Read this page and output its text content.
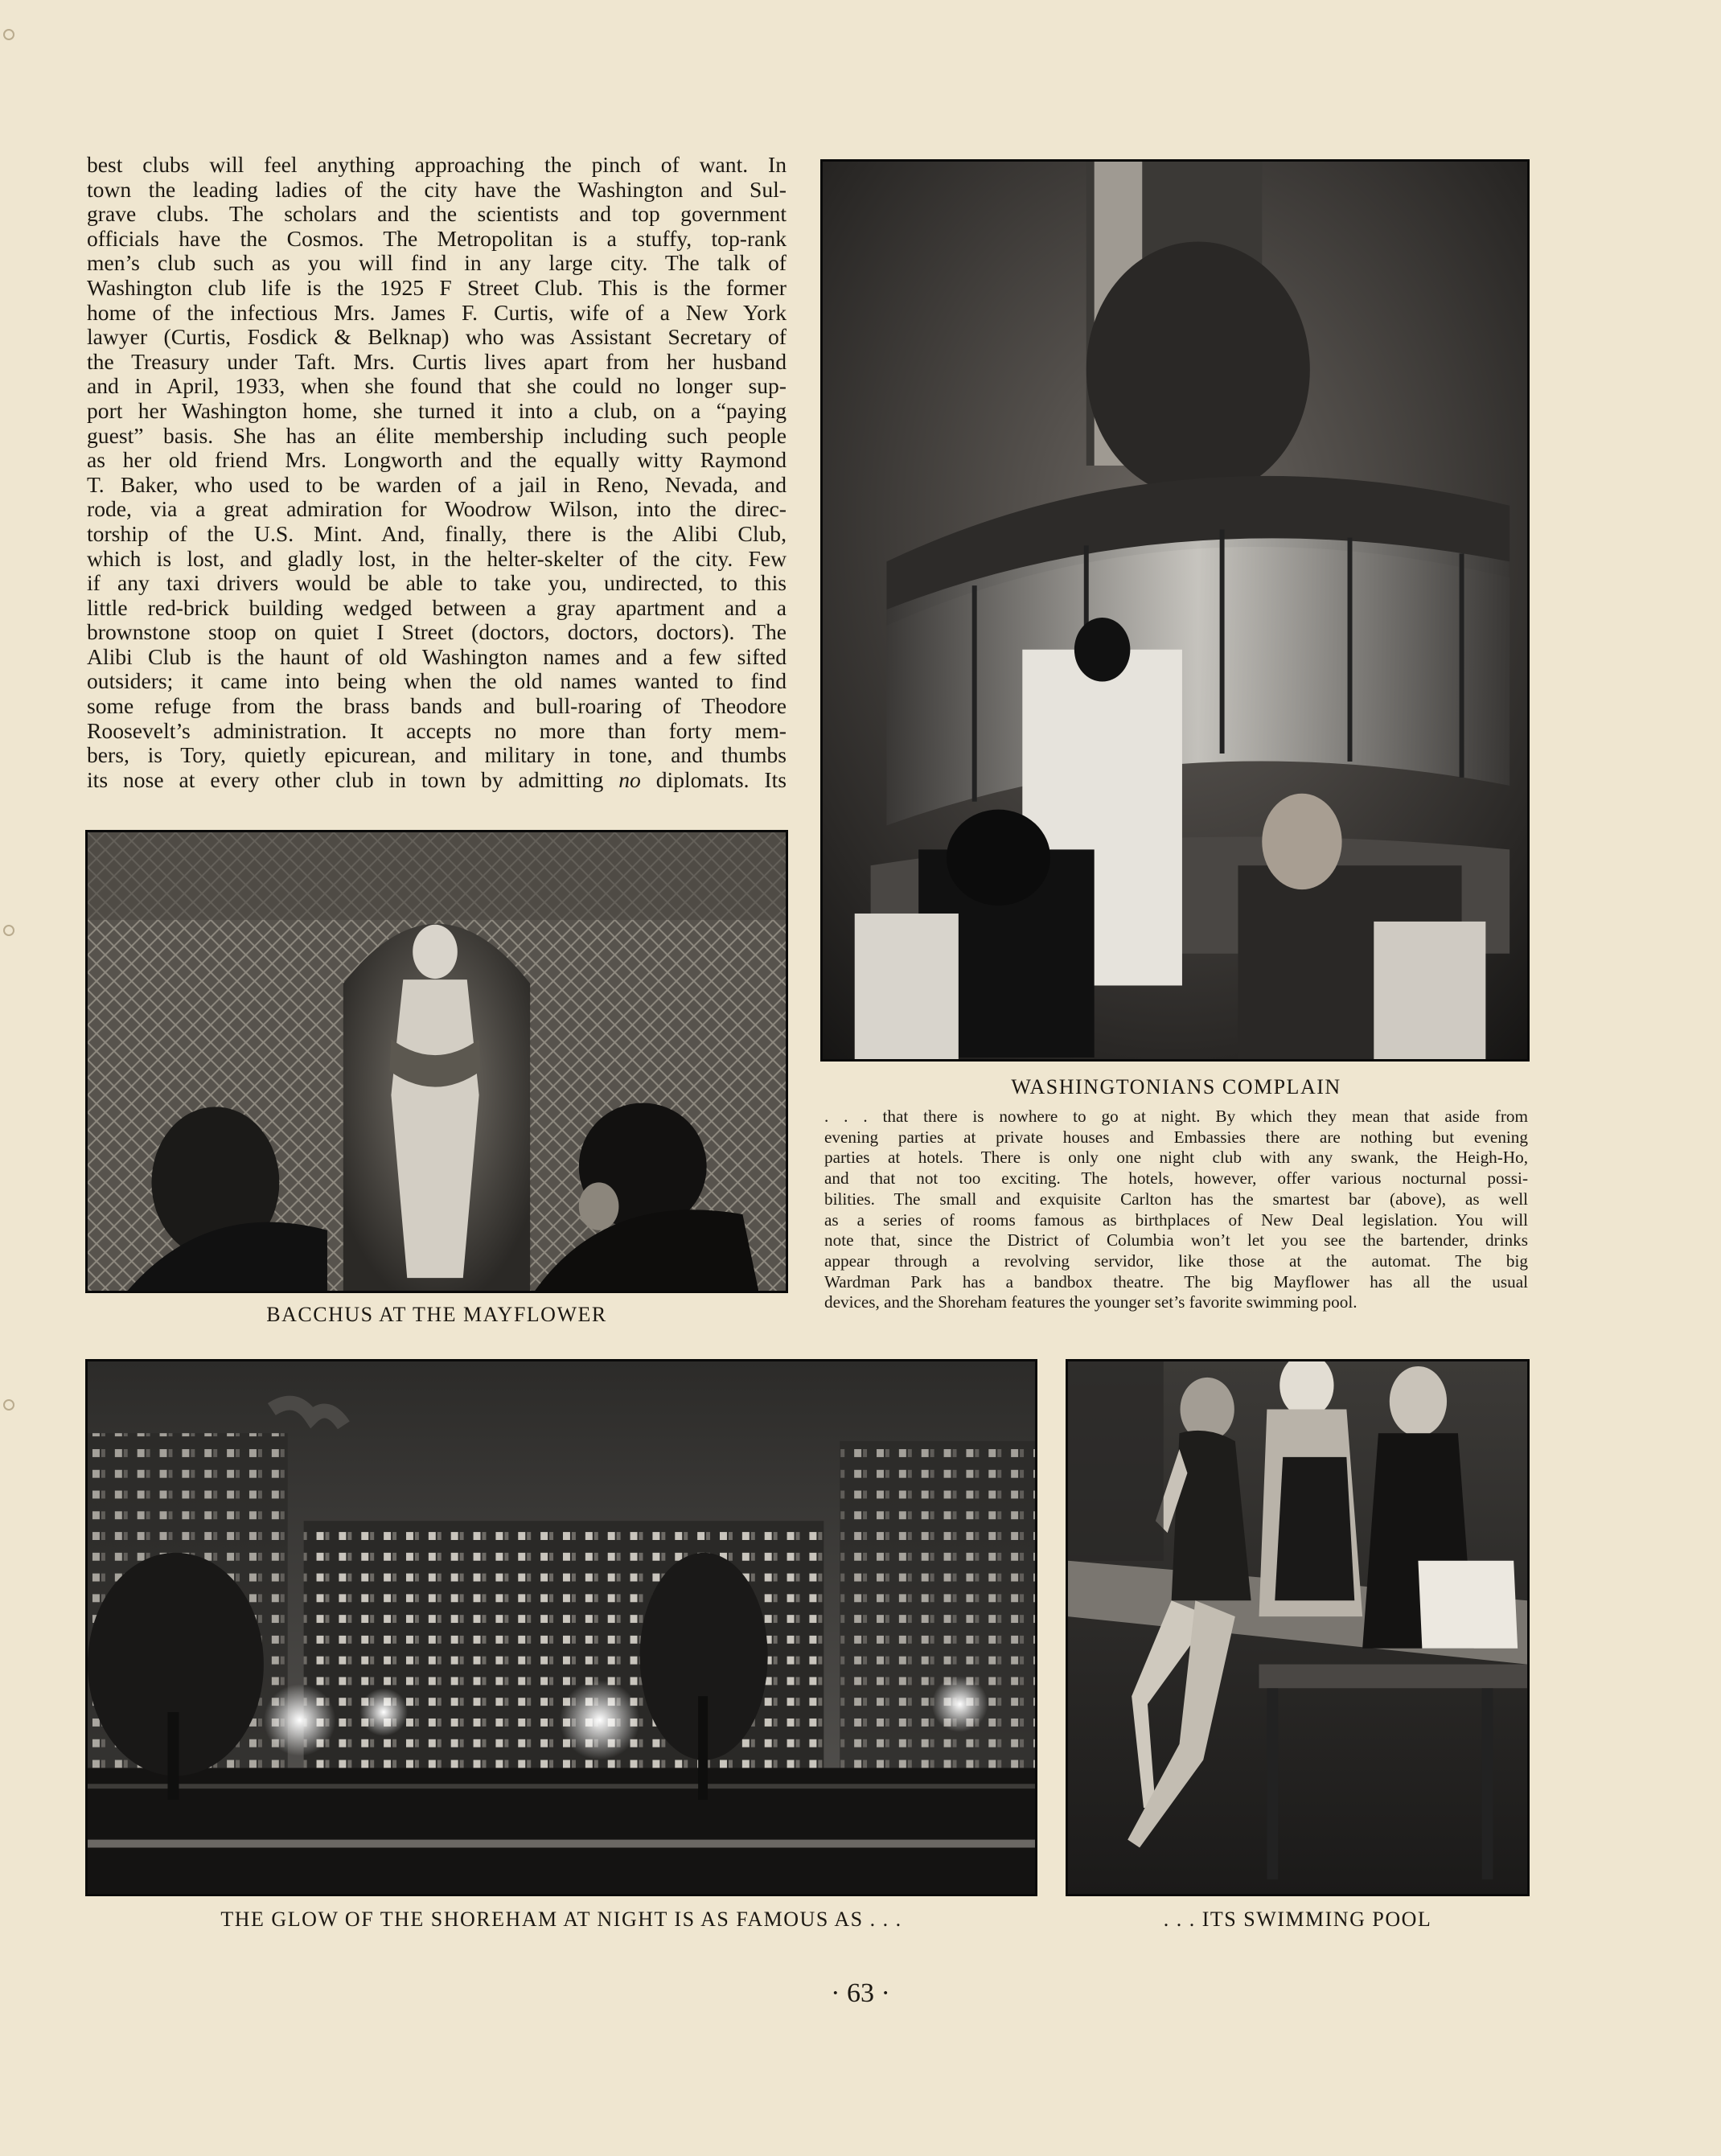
best clubs will feel anything approaching the pinch of want. In

town the leading ladies of the city have the Washington and Sul-

grave clubs. The scholars and the scientists and top government

officials have the Cosmos. The Metropolitan is a stuffy, top-rank

men’s club such as you will find in any large city. The talk of

Washington club life is the 1925 F Street Club. This is the former

home of the infectious Mrs. James F. Curtis, wife of a New York

lawyer (Curtis, Fosdick & Belknap) who was Assistant Secretary of

the Treasury under Taft. Mrs. Curtis lives apart from her husband

and in April, 1933, when she found that she could no longer sup-

port her Washington home, she turned it into a club, on a “paying

guest” basis. She has an élite membership including such people

as her old friend Mrs. Longworth and the equally witty Raymond

T. Baker, who used to be warden of a jail in Reno, Nevada, and

rode, via a great admiration for Woodrow Wilson, into the direc-

torship of the U.S. Mint. And, finally, there is the Alibi Club,

which is lost, and gladly lost, in the helter-skelter of the city. Few

if any taxi drivers would be able to take you, undirected, to this

little red-brick building wedged between a gray apartment and a

brownstone stoop on quiet I Street (doctors, doctors, doctors). The

Alibi Club is the haunt of old Washington names and a few sifted

outsiders; it came into being when the old names wanted to find

some refuge from the brass bands and bull-roaring of Theodore

Roosevelt’s administration. It accepts no more than forty mem-

bers, is Tory, quietly epicurean, and military in tone, and thumbs

its nose at every other club in town by admitting no diplomats. Its

WASHINGTONIANS COMPLAIN

. . . that there is nowhere to go at night. By which they mean that aside from

evening parties at private houses and Embassies there are nothing but evening

parties at hotels. There is only one night club with any swank, the Heigh-Ho,

and that not too exciting. The hotels, however, offer various nocturnal possi-

bilities. The small and exquisite Carlton has the smartest bar (above), as well

as a series of rooms famous as birthplaces of New Deal legislation. You will

note that, since the District of Columbia won’t let you see the bartender, drinks

appear through a revolving servidor, like those at the automat. The big

Wardman Park has a bandbox theatre. The big Mayflower has all the usual

devices, and the Shoreham features the younger set’s favorite swimming pool.

BACCHUS AT THE MAYFLOWER
THE GLOW OF THE SHOREHAM AT NIGHT IS AS FAMOUS AS . . .	. . . ITS SWIMMING POOL
· 63 ·
